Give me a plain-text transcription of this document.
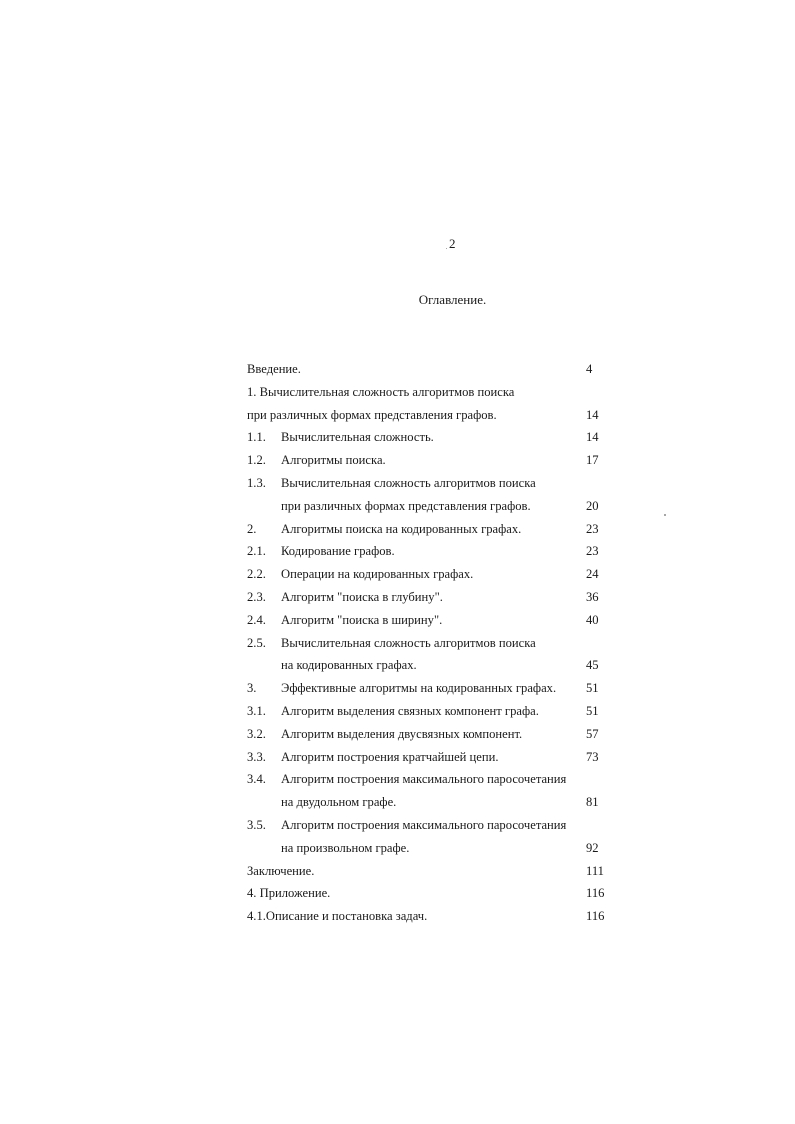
2
Оглавление.
Введение.	4
1. Вычислительная сложность алгоритмов поиска
при различных формах представления графов.	14
1.1. Вычислительная сложность.	14
1.2. Алгоритмы поиска.	17
1.3. Вычислительная сложность алгоритмов поиска
при различных формах представления графов.	20
2. Алгоритмы поиска на кодированных графах.	23
2.1. Кодирование графов.	23
2.2. Операции на кодированных графах.	24
2.3. Алгоритм "поиска в глубину".	36
2.4. Алгоритм "поиска в ширину".	40
2.5. Вычислительная сложность алгоритмов поиска
на кодированных графах.	45
3. Эффективные алгоритмы на кодированных графах. 51
3.1. Алгоритм выделения связных компонент графа.	51
3.2. Алгоритм выделения двусвязных компонент.	57
3.3. Алгоритм построения кратчайшей цепи.	73
3.4. Алгоритм построения максимального паросочетания
на двудольном графе.	81
3.5. Алгоритм построения максимального паросочетания
на произвольном графе.	92
Заключение.	111
4. Приложение.	116
4.1.Описание и постановка задач.	116
